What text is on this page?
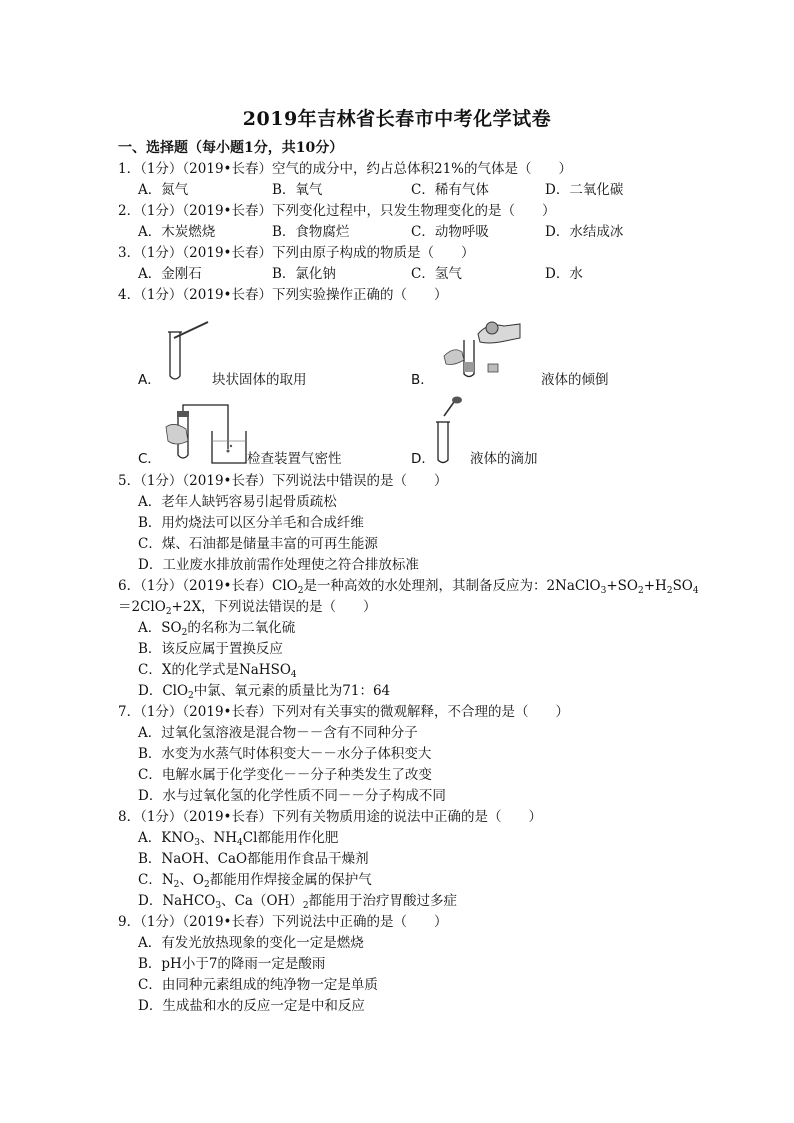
2019年吉林省长春市中考化学试卷
一、选择题（每小题1分，共10分）
1．（1分）（2019•长春）空气的成分中，约占总体积21%的气体是（　　）
A．氮气	B．氧气	C．稀有气体	D．二氧化碳
2．（1分）（2019•长春）下列变化过程中，只发生物理变化的是（　　）
A．木炭燃烧	B．食物腐烂	C．动物呼吸	D．水结成冰
3．（1分）（2019•长春）下列由原子构成的物质是（　　）
A．金刚石	B．氯化钠	C．氢气	D．水
4．（1分）（2019•长春）下列实验操作正确的（　　）
A．	块状固体的取用	B．	液体的倾倒
C．	检查装置气密性	D．	液体的滴加
5．（1分）（2019•长春）下列说法中错误的是（　　）
A．老年人缺钙容易引起骨质疏松
B．用灼烧法可以区分羊毛和合成纤维
C．煤、石油都是储量丰富的可再生能源
D．工业废水排放前需作处理使之符合排放标准
6．（1分）（2019•长春）ClO$_2$是一种高效的水处理剂，其制备反应为：$2NaClO_3+SO_2+H_2SO_4$
＝2ClO$_2$+2X，下列说法错误的是（　　）
A．$SO_2$的名称为二氧化硫
B．该反应属于置换反应
C．X的化学式是NaHSO$_4$
D．ClO$_2$中氯、氧元素的质量比为71：64
7．（1分）（2019•长春）下列对有关事实的微观解释，不合理的是（　　）
A．过氧化氢溶液是混合物－－含有不同种分子
B．水变为水蒸气时体积变大－－水分子体积变大
C．电解水属于化学变化－－分子种类发生了改变
D．水与过氧化氢的化学性质不同－－分子构成不同
8．（1分）（2019•长春）下列有关物质用途的说法中正确的是（　　）
A．$KNO_3$、$NH_4Cl$都能用作化肥
B．NaOH、CaO都能用作食品干燥剂
C．$N_2$、$O_2$都能用作焊接金属的保护气
D．NaHCO$_3$、$Ca(OH)_2$都能用于治疗胃酸过多症
9．（1分）（2019•长春）下列说法中正确的是（　　）
A．有发光放热现象的变化一定是燃烧
B．pH小于7的降雨一定是酸雨
C．由同种元素组成的纯净物一定是单质
D．生成盐和水的反应一定是中和反应
